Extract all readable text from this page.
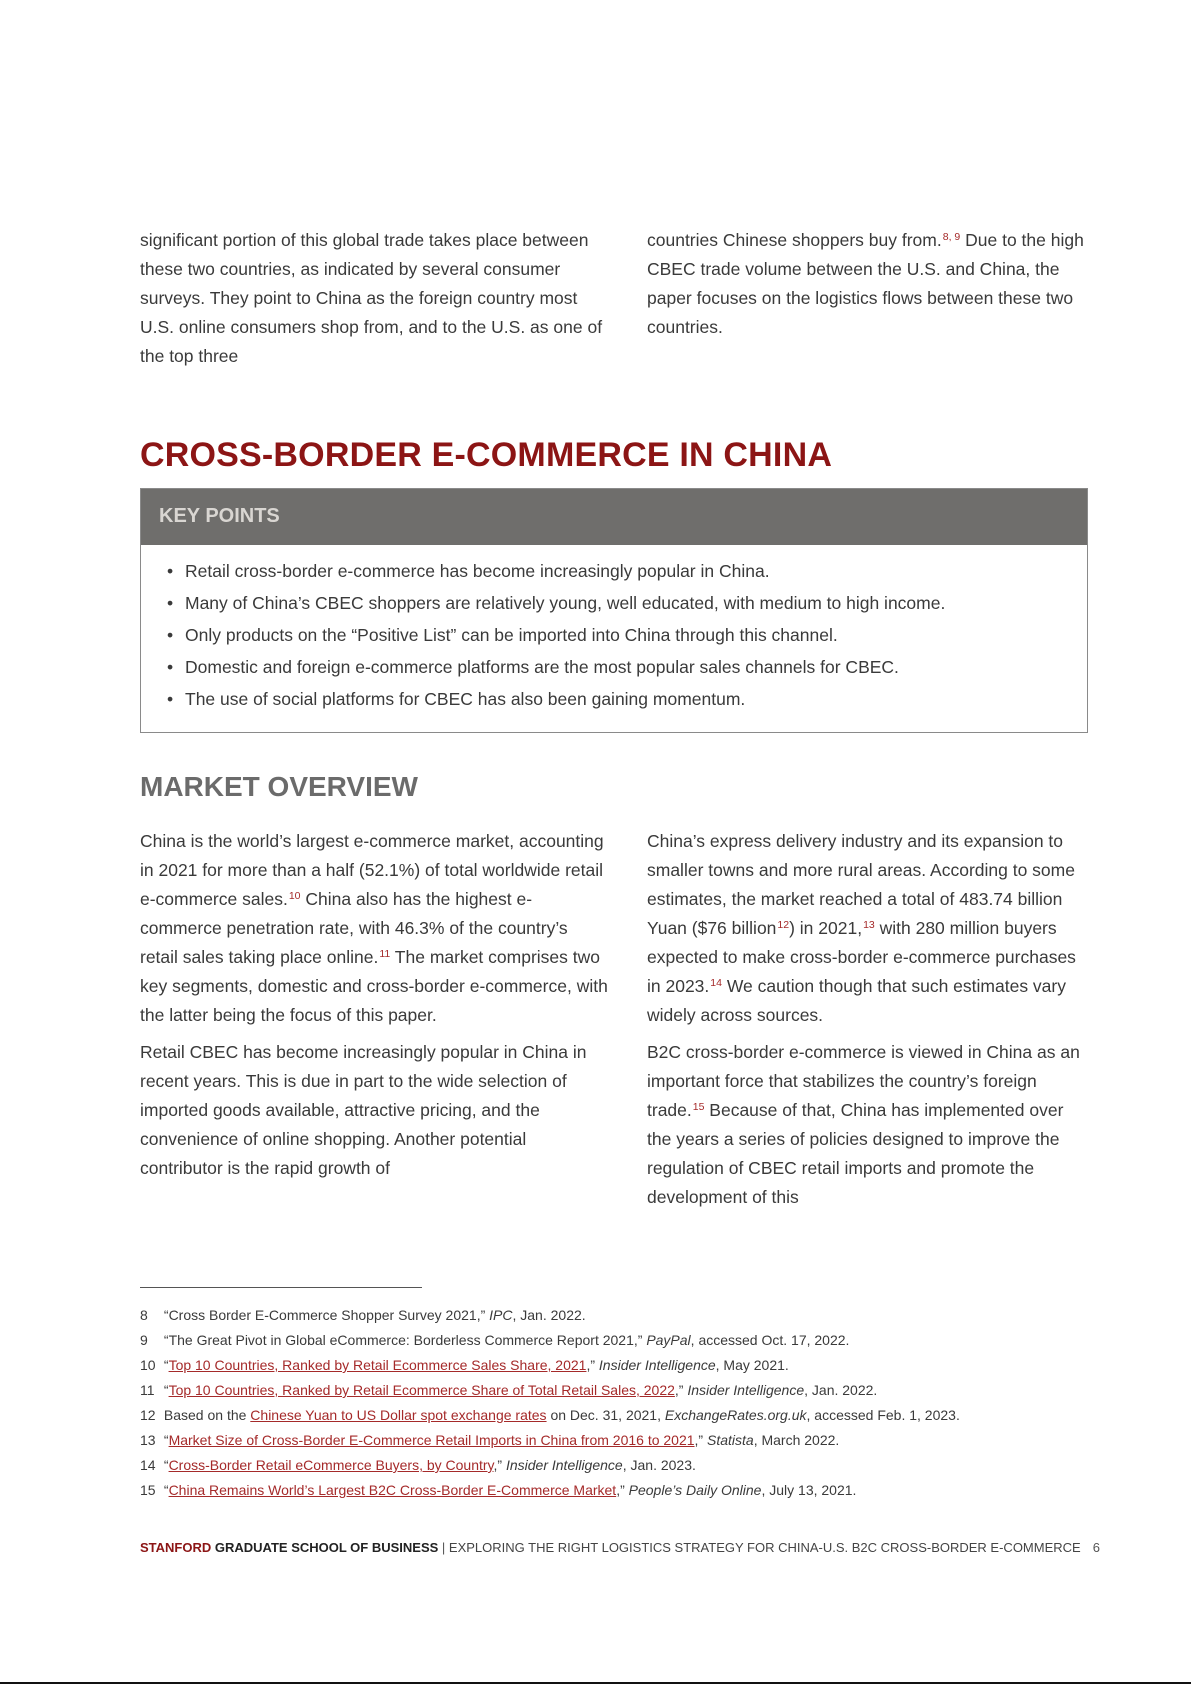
significant portion of this global trade takes place between these two countries, as indicated by several consumer surveys. They point to China as the foreign country most U.S. online consumers shop from, and to the U.S. as one of the top three

countries Chinese shoppers buy from.$^{8, 9}$ Due to the high CBEC trade volume between the U.S. and China, the paper focuses on the logistics flows between these two countries.

CROSS-BORDER E-COMMERCE IN CHINA
KEY POINTS
• Retail cross-border e-commerce has become increasingly popular in China.
• Many of China’s CBEC shoppers are relatively young, well educated, with medium to high income.
• Only products on the “Positive List” can be imported into China through this channel.
• Domestic and foreign e-commerce platforms are the most popular sales channels for CBEC.
• The use of social platforms for CBEC has also been gaining momentum.
MARKET OVERVIEW

China is the world’s largest e-commerce market, accounting in 2021 for more than a half (52.1%) of total worldwide retail e-commerce sales.$^{10}$ China also has the highest e-commerce penetration rate, with 46.3% of the country’s retail sales taking place online.$^{11}$ The market comprises two key segments, domestic and cross-border e-commerce, with the latter being the focus of this paper.

Retail CBEC has become increasingly popular in China in recent years. This is due in part to the wide selection of imported goods available, attractive pricing, and the convenience of online shopping. Another potential contributor is the rapid growth of

China’s express delivery industry and its expansion to smaller towns and more rural areas. According to some estimates, the market reached a total of 483.74 billion Yuan ($76 billion$^{12}$) in 2021,13 with 280 million buyers expected to make cross-border e-commerce purchases in 2023.14 We caution though that such estimates vary widely across sources.

B2C cross-border e-commerce is viewed in China as an important force that stabilizes the country’s foreign trade.$^{15}$ Because of that, China has implemented over the years a series of policies designed to improve the regulation of CBEC retail imports and promote the development of this

8 “Cross Border E-Commerce Shopper Survey 2021,” IPC, Jan. 2022.
9 “The Great Pivot in Global eCommerce: Borderless Commerce Report 2021,” PayPal, accessed Oct. 17, 2022.
10 “Top 10 Countries, Ranked by Retail Ecommerce Sales Share, 2021,” Insider Intelligence, May 2021.
11 “Top 10 Countries, Ranked by Retail Ecommerce Share of Total Retail Sales, 2022,” Insider Intelligence, Jan. 2022.
12 Based on the Chinese Yuan to US Dollar spot exchange rates on Dec. 31, 2021, ExchangeRates.org.uk, accessed Feb. 1, 2023.
13 “Market Size of Cross-Border E-Commerce Retail Imports in China from 2016 to 2021,” Statista, March 2022.
14 “Cross-Border Retail eCommerce Buyers, by Country,” Insider Intelligence, Jan. 2023.
15 “China Remains World’s Largest B2C Cross-Border E-Commerce Market,” People’s Daily Online, July 13, 2021.
STANFORD GRADUATE SCHOOL OF BUSINESS | EXPLORING THE RIGHT LOGISTICS STRATEGY FOR CHINA-U.S. B2C CROSS-BORDER E-COMMERCE 6
